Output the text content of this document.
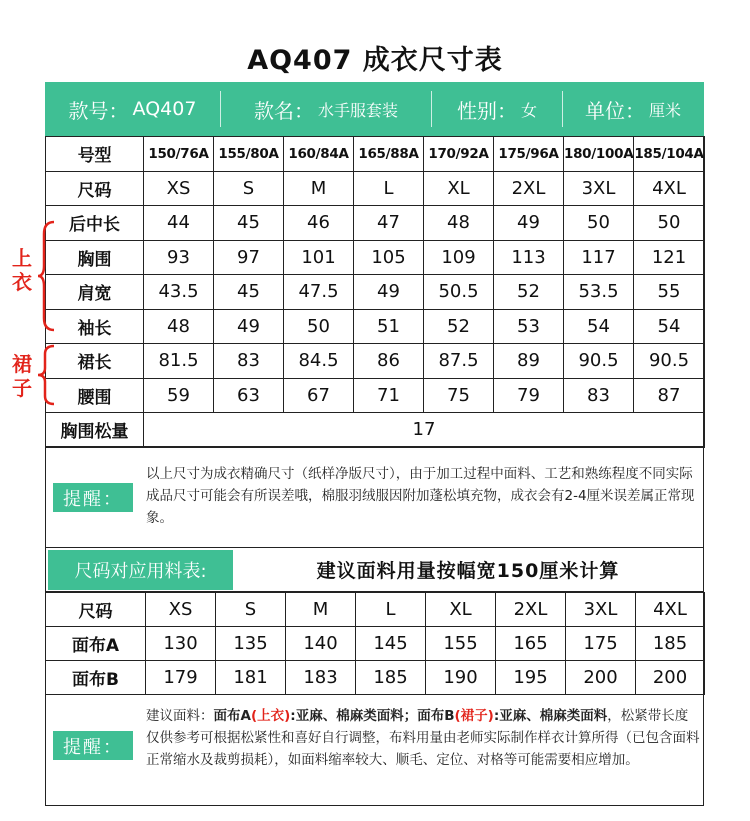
AQ407 成衣尺寸表
款号： AQ407	款名： 水手服套装	性别： 女 单位： 厘米
号型	150/76A	155/80A	160/84A	165/88A	170/92A	175/96A	180/100A	185/104A
尺码	XS	S	M	L	XL	2XL	3XL	4XL
后中长	44	45	46	47	48	49	50	50
胸围	93	97	101	105	109	113	117	121
肩宽	43.5	45	47.5	49	50.5	52	53.5	55
袖长	48	49	50	51	52	53	54	54
裙长	81.5	83	84.5	86	87.5	89	90.5	90.5
腰围	59	63	67	71	75	79	83	87
胸围松量	17							
上衣
裙子
提醒：
以上尺寸为成衣精确尺寸（纸样净版尺寸），由于加工过程中面料、工艺和熟练程度不同实际成品尺寸可能会有所误差哦，棉服羽绒服因附加蓬松填充物，成衣会有2-4厘米误差属正常现象。
尺码对应用料表:	建议面料用量按幅宽150厘米计算
尺码	XS	S	M	L	XL	2XL	3XL	4XL
面布A	130	135	140	145	155	165	175	185
面布B	179	181	183	185	190	195	200	200
提醒：
建议面料：面布A(上衣):亚麻、棉麻类面料；面布B(裙子):亚麻、棉麻类面料，松紧带长度仅供参考可根据松紧性和喜好自行调整，布料用量由老师实际制作样衣计算所得（已包含面料正常缩水及裁剪损耗），如面料缩率较大、顺毛、定位、对格等可能需要相应增加。
